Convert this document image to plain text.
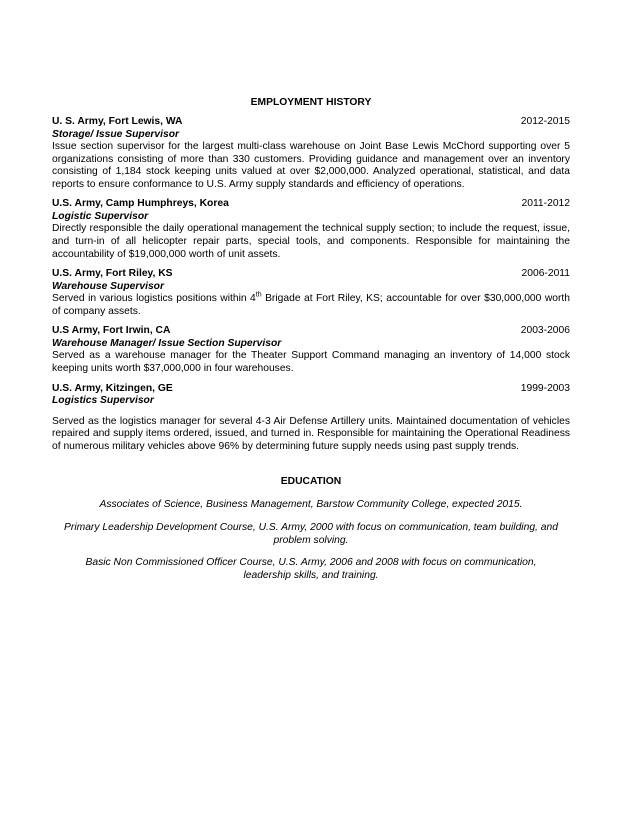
EMPLOYMENT HISTORY
U. S. Army, Fort Lewis, WA	2012-2015
Storage/ Issue Supervisor
Issue section supervisor for the largest multi-class warehouse on Joint Base Lewis McChord supporting over 5 organizations consisting of more than 330 customers. Providing guidance and management over an inventory consisting of 1,184 stock keeping units valued at over $2,000,000. Analyzed operational, statistical, and data reports to ensure conformance to U.S. Army supply standards and efficiency of operations.
U.S. Army, Camp Humphreys, Korea	2011-2012
Logistic Supervisor
Directly responsible the daily operational management the technical supply section; to include the request, issue, and turn-in of all helicopter repair parts, special tools, and components. Responsible for maintaining the accountability of $19,000,000 worth of unit assets.
U.S. Army, Fort Riley, KS	2006-2011
Warehouse Supervisor
Served in various logistics positions within 4th Brigade at Fort Riley, KS; accountable for over $30,000,000 worth of company assets.
U.S Army, Fort Irwin, CA	2003-2006
Warehouse Manager/ Issue Section Supervisor
Served as a warehouse manager for the Theater Support Command managing an inventory of 14,000 stock keeping units worth $37,000,000 in four warehouses.
U.S. Army, Kitzingen, GE	1999-2003
Logistics Supervisor
Served as the logistics manager for several 4-3 Air Defense Artillery units. Maintained documentation of vehicles repaired and supply items ordered, issued, and turned in. Responsible for maintaining the Operational Readiness of numerous military vehicles above 96% by determining future supply needs using past supply trends.
EDUCATION
Associates of Science, Business Management, Barstow Community College, expected 2015.
Primary Leadership Development Course, U.S. Army, 2000 with focus on communication, team building, and problem solving.
Basic Non Commissioned Officer Course, U.S. Army, 2006 and 2008 with focus on communication, leadership skills, and training.
